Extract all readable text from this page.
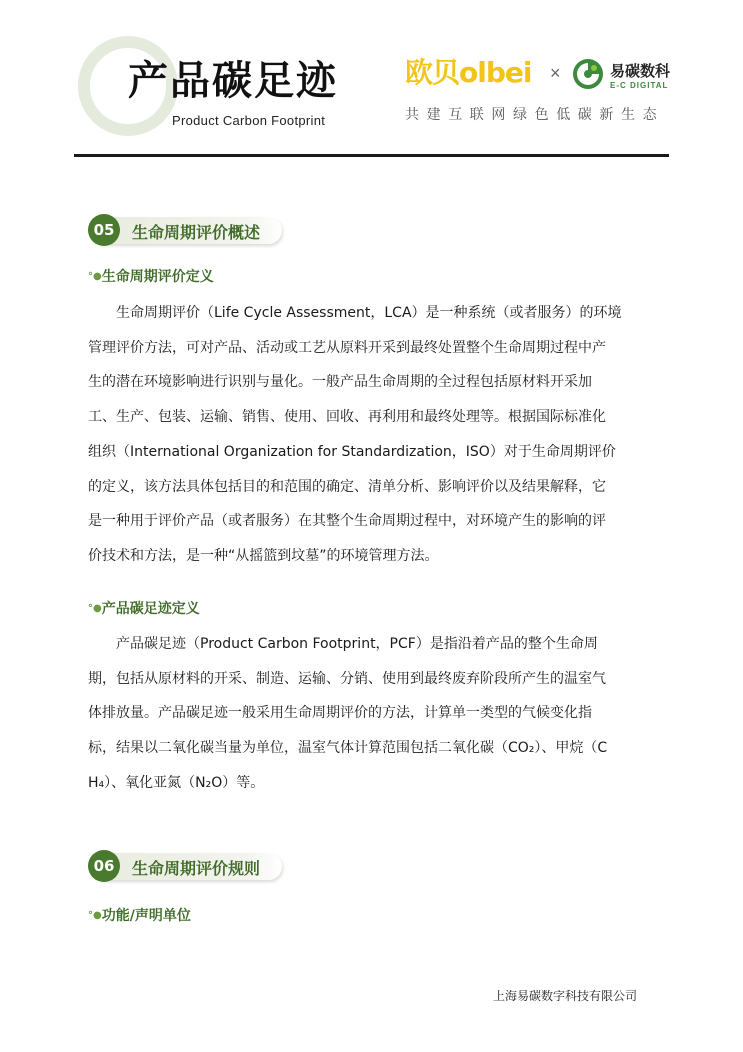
产品碳足迹
Product Carbon Footprint
欧贝olbei ×	易碳数科
E-C DIGITAL
共建互联网绿色低碳新生态
05	生命周期评价概述
°●生命周期评价定义

生命周期评价（Life Cycle Assessment，LCA）是一种系统（或者服务）的环境
管理评价方法，可对产品、活动或工艺从原料开采到最终处置整个生命周期过程中产
生的潜在环境影响进行识别与量化。一般产品生命周期的全过程包括原材料开采加
工、生产、包装、运输、销售、使用、回收、再利用和最终处理等。根据国际标准化
组织（International Organization for Standardization，ISO）对于生命周期评价
的定义，该方法具体包括目的和范围的确定、清单分析、影响评价以及结果解释，它
是一种用于评价产品（或者服务）在其整个生命周期过程中，对环境产生的影响的评
价技术和方法，是一种“从摇篮到坟墓”的环境管理方法。

°●产品碳足迹定义

产品碳足迹（Product Carbon Footprint，PCF）是指沿着产品的整个生命周
期，包括从原材料的开采、制造、运输、分销、使用到最终废弃阶段所产生的温室气
体排放量。产品碳足迹一般采用生命周期评价的方法，计算单一类型的气候变化指
标，结果以二氧化碳当量为单位，温室气体计算范围包括二氧化碳（CO₂）、甲烷（C
H₄）、氧化亚氮（N₂O）等。

06	生命周期评价规则
°●功能/声明单位
上海易碳数字科技有限公司
